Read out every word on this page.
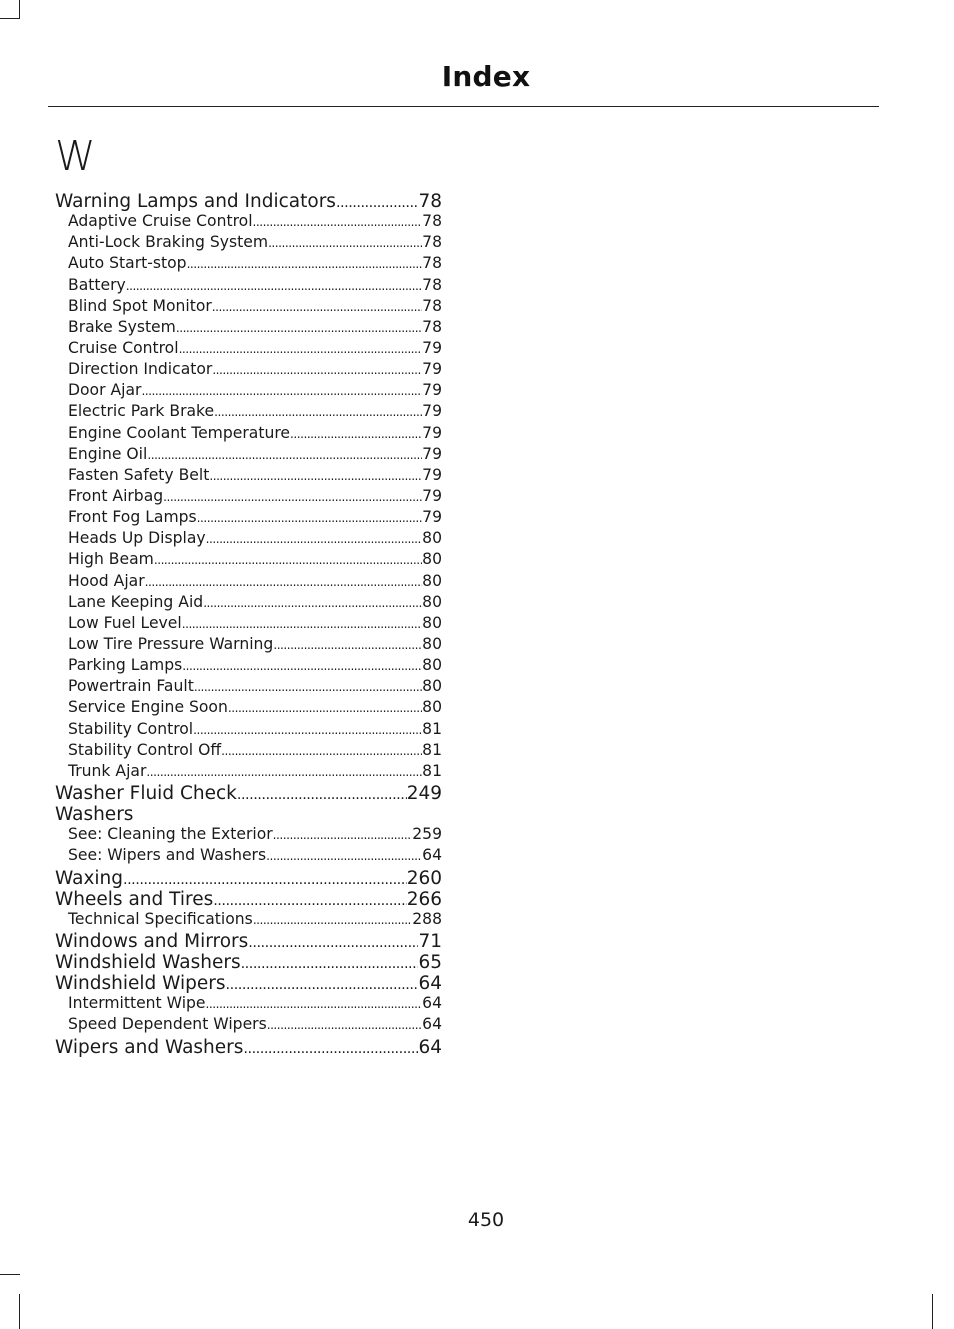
Index
W
Warning Lamps and Indicators .....	78
Adaptive Cruise Control .....	78
Anti-Lock Braking System .....	78
Auto Start-stop .....	78
Battery .....	78
Blind Spot Monitor .....	78
Brake System .....	78
Cruise Control .....	79
Direction Indicator .....	79
Door Ajar .....	79
Electric Park Brake .....	79
Engine Coolant Temperature .....	79
Engine Oil .....	79
Fasten Safety Belt .....	79
Front Airbag .....	79
Front Fog Lamps .....	79
Heads Up Display .....	80
High Beam .....	80
Hood Ajar .....	80
Lane Keeping Aid .....	80
Low Fuel Level .....	80
Low Tire Pressure Warning .....	80
Parking Lamps .....	80
Powertrain Fault .....	80
Service Engine Soon .....	80
Stability Control .....	81
Stability Control Off .....	81
Trunk Ajar .....	81
Washer Fluid Check .....	249
Washers
See: Cleaning the Exterior .....	259
See: Wipers and Washers .....	64
Waxing .....	260
Wheels and Tires .....	266
Technical Specifications .....	288
Windows and Mirrors .....	71
Windshield Washers .....	65
Windshield Wipers .....	64
Intermittent Wipe .....	64
Speed Dependent Wipers .....	64
Wipers and Washers .....	64
450
